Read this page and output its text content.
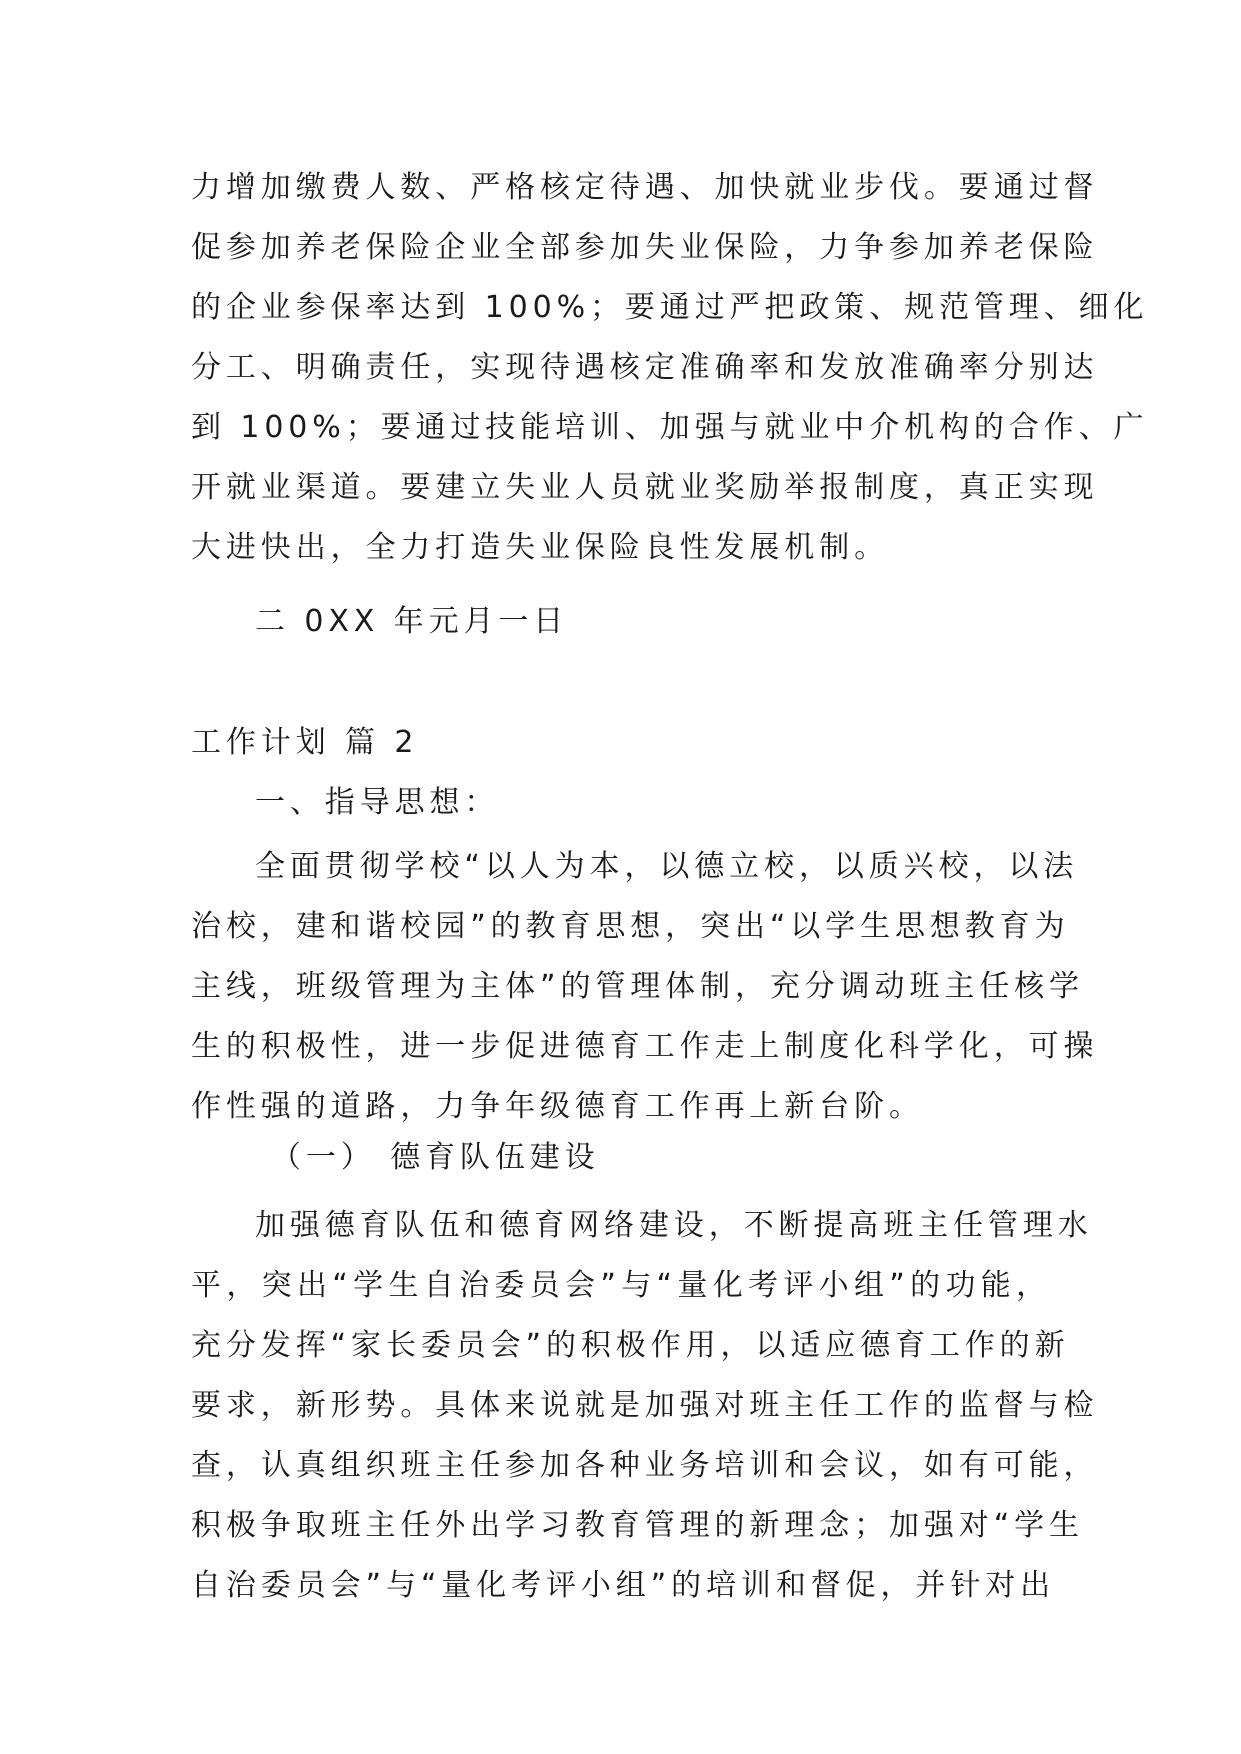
力增加缴费人数、严格核定待遇、加快就业步伐。要通过督
促参加养老保险企业全部参加失业保险，力争参加养老保险
的企业参保率达到 100%；要通过严把政策、规范管理、细化
分工、明确责任，实现待遇核定准确率和发放准确率分别达
到 100%；要通过技能培训、加强与就业中介机构的合作、广
开就业渠道。要建立失业人员就业奖励举报制度，真正实现
大进快出，全力打造失业保险良性发展机制。
二 0XX 年元月一日
工作计划 篇 2
一、指导思想：
全面贯彻学校“以人为本，以德立校，以质兴校，以法
治校，建和谐校园”的教育思想，突出“以学生思想教育为
主线，班级管理为主体”的管理体制，充分调动班主任核学
生的积极性，进一步促进德育工作走上制度化科学化，可操
作性强的道路，力争年级德育工作再上新台阶。
（一） 德育队伍建设
加强德育队伍和德育网络建设，不断提高班主任管理水
平，突出“学生自治委员会”与“量化考评小组”的功能，
充分发挥“家长委员会”的积极作用，以适应德育工作的新
要求，新形势。具体来说就是加强对班主任工作的监督与检
查，认真组织班主任参加各种业务培训和会议，如有可能，
积极争取班主任外出学习教育管理的新理念；加强对“学生
自治委员会”与“量化考评小组”的培训和督促，并针对出
